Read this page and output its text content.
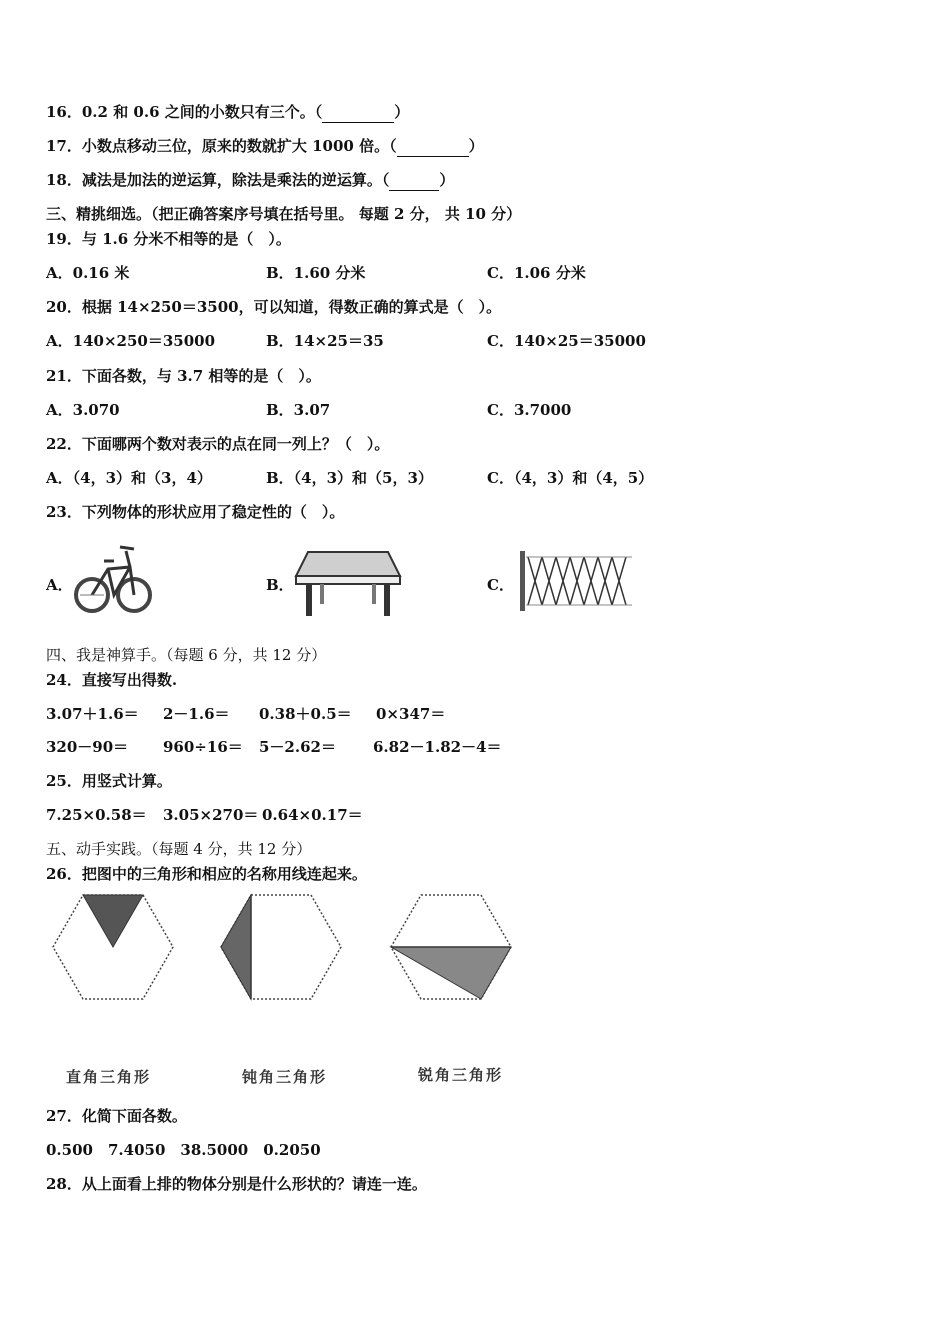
16．0.2 和 0.6 之间的小数只有三个。（	）
17．小数点移动三位，原来的数就扩大 1000 倍。（	）
18．减法是加法的逆运算，除法是乘法的逆运算。（	）
三、精挑细选。（把正确答案序号填在括号里。 每题 2 分， 共 10 分）
19．与 1.6 分米不相等的是（　）。
A．0.16 米	B．1.60 分米	C．1.06 分米
20．根据 14×250＝3500，可以知道，得数正确的算式是（　）。
A．140×250＝35000	B．14×25＝35	C．140×25＝35000
21．下面各数，与 3.7 相等的是（　）。
A．3.070	B．3.07	C．3.7000
22．下面哪两个数对表示的点在同一列上？（　）。
A．（4，3）和（3，4）	B．（4，3）和（5，3）	C．（4，3）和（4，5）
23．下列物体的形状应用了稳定性的（　）。
A．	B．	C．
四、我是神算手。（每题 6 分，共 12 分）
24．直接写出得数.
3.07＋1.6＝ 2－1.6＝ 0.38＋0.5＝ 0×347＝
320－90＝ 960÷16＝ 5－2.62＝ 6.82－1.82－4＝
25．用竖式计算。
7.25×0.58＝ 3.05×270＝ 0.64×0.17＝
五、动手实践。（每题 4 分，共 12 分）
26．把图中的三角形和相应的名称用线连起来。
直角三角形	钝角三角形	锐角三角形
27．化简下面各数。
0.500　7.4050　38.5000　0.2050
28．从上面看上排的物体分别是什么形状的？请连一连。
